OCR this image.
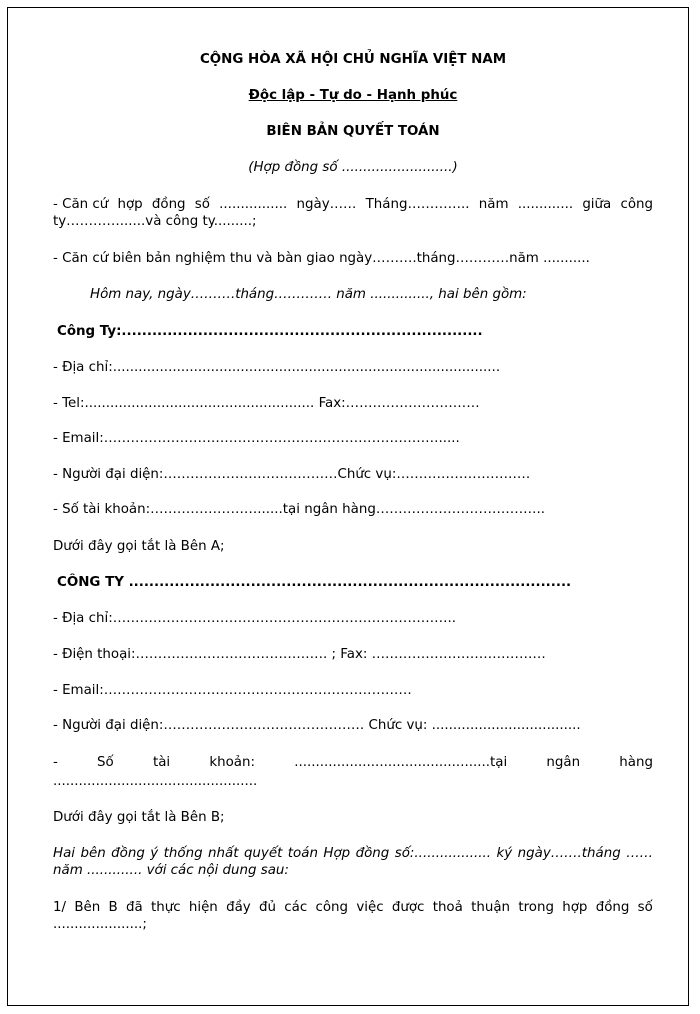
CỘNG HÒA XÃ HỘI CHỦ NGHĨA VIỆT NAM
Độc lập - Tự do - Hạnh phúc
BIÊN BẢN QUYẾT TOÁN
(Hợp đồng số ..........................)
- Căn cứ hợp đồng số ................ ngày…… Tháng………….. năm ............. giữa công
ty…………......và công ty.........;
- Căn cứ biên bản nghiệm thu và bàn giao ngày……….tháng…………năm ...........
Hôm nay, ngày……….tháng…………. năm .............., hai bên gồm:
Công Ty:.......................................................................
- Địa chỉ:...........................................................................................
- Tel:...................................................... Fax:…………………………
- Email:………………………………………………………………….....
- Người đại diện:…………………………………Chức vụ:…………………………
- Số tài khoản:……………………......tại ngân hàng………………………………..
Dưới đây gọi tắt là Bên A;
CÔNG TY .......................................................................................
- Địa chỉ:…………………………………………………………………..
- Điện thoại:……………………………………. ; Fax: …………………………………
- Email:……………………………………………………………
- Người đại diện:……………………………………… Chức vụ: ...................................
-	Số	tài	khoản:	..............................................tại	ngân	hàng
................................................
Dưới đây gọi tắt là Bên B;
Hai bên đồng ý thống nhất quyết toán Hợp đồng số:.................. ký ngày…….tháng ……
năm ............. với các nội dung sau:
1/ Bên B đã thực hiện đầy đủ các công việc được thoả thuận trong hợp đồng số
.....................;
